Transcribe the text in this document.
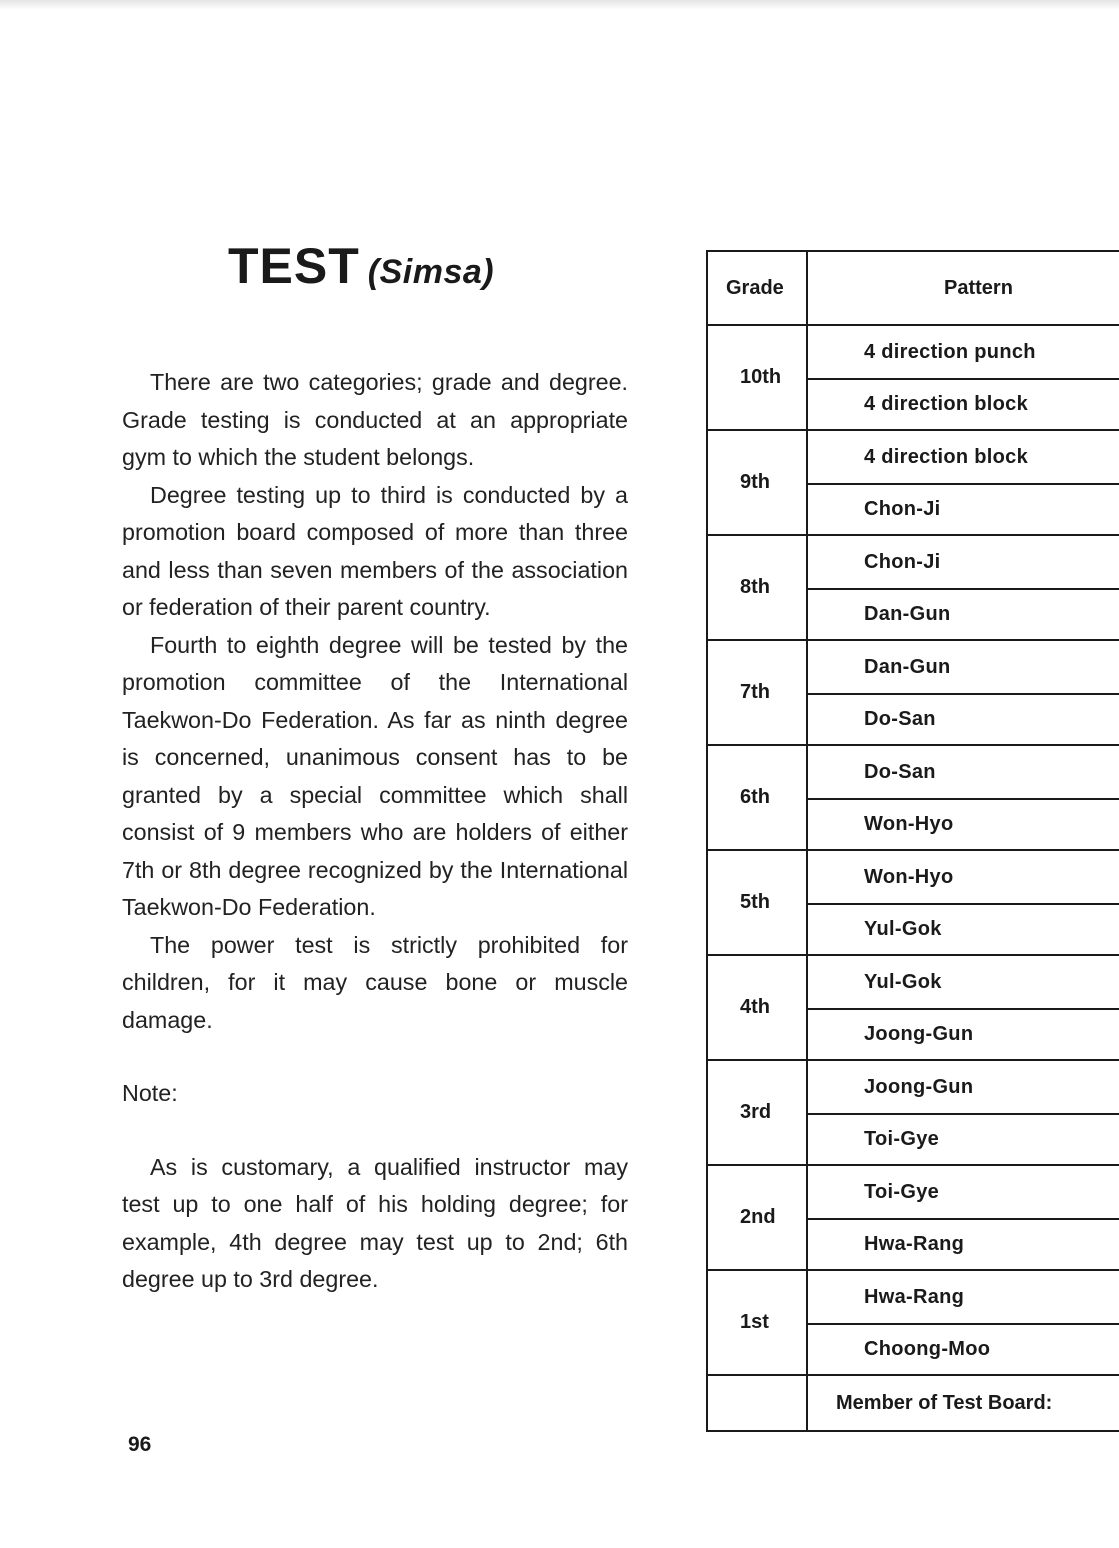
TEST (Simsa)

There are two categories; grade and degree. Grade testing is conducted at an appropriate gym to which the student belongs.

Degree testing up to third is conducted by a promotion board composed of more than three and less than seven members of the association or federation of their parent country.

Fourth to eighth degree will be tested by the promotion committee of the International Taekwon-Do Federation. As far as ninth degree is concerned, unanimous consent has to be granted by a special committee which shall consist of 9 members who are holders of either 7th or 8th degree recognized by the International Taekwon-Do Federation.

The power test is strictly prohibited for children, for it may cause bone or muscle damage.

Note:

As is customary, a qualified instructor may test up to one half of his holding degree; for example, 4th degree may test up to 2nd; 6th degree up to 3rd degree.

96
Grade	Pattern
10th	4 direction punch
	4 direction block
9th	4 direction block
	Chon-Ji
8th	Chon-Ji
	Dan-Gun
7th	Dan-Gun
	Do-San
6th	Do-San
	Won-Hyo
5th	Won-Hyo
	Yul-Gok
4th	Yul-Gok
	Joong-Gun
3rd	Joong-Gun
	Toi-Gye
2nd	Toi-Gye
	Hwa-Rang
1st	Hwa-Rang
	Choong-Moo
	Member of Test Board:
